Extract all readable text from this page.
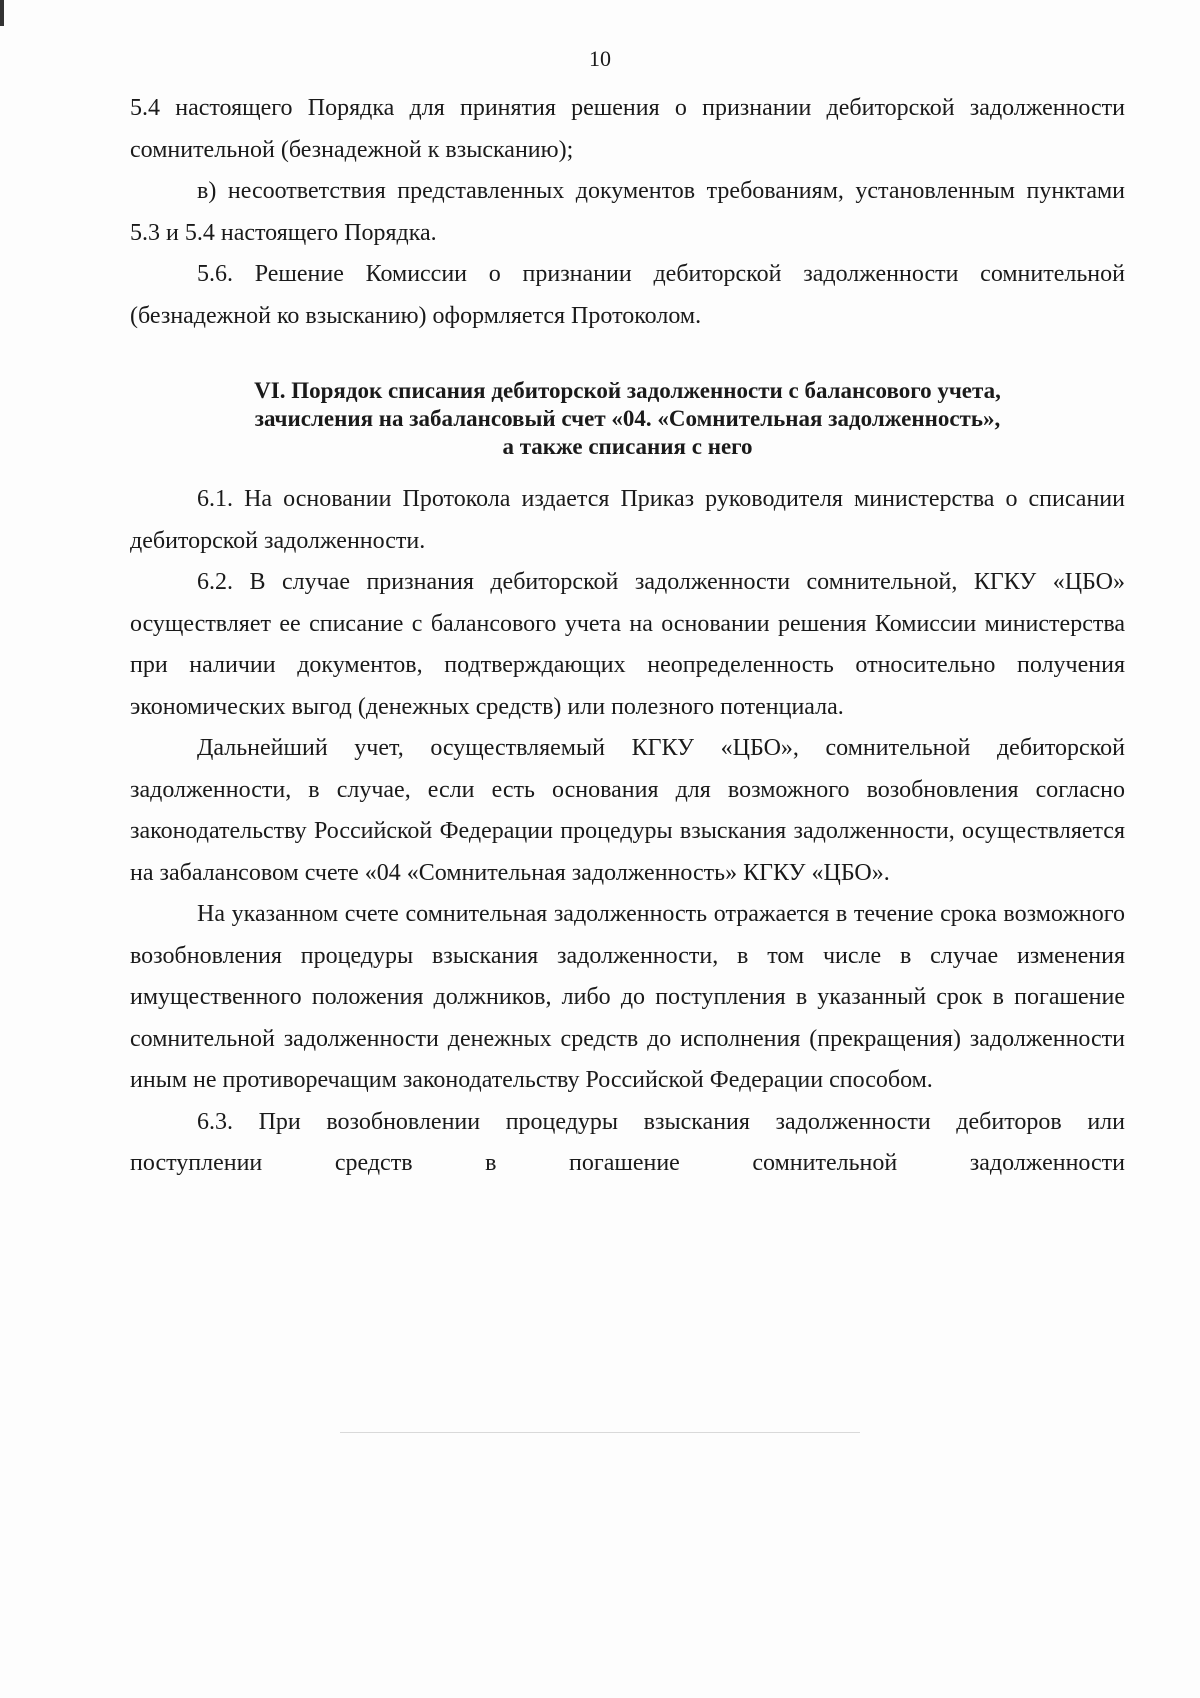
10

5.4 настоящего Порядка для принятия решения о признании дебиторской задолженности сомнительной (безнадежной к взысканию);

в) несоответствия представленных документов требованиям, установленным пунктами 5.3 и 5.4 настоящего Порядка.

5.6. Решение Комиссии о признании дебиторской задолженности сомнительной (безнадежной ко взысканию) оформляется Протоколом.

VI. Порядок списания дебиторской задолженности с балансового учета,
зачисления на забалансовый счет «04. «Сомнительная задолженность»,
а также списания с него

6.1. На основании Протокола издается Приказ руководителя министерства о списании дебиторской задолженности.

6.2. В случае признания дебиторской задолженности сомнительной, КГКУ «ЦБО» осуществляет ее списание с балансового учета на основании решения Комиссии министерства при наличии документов, подтверждающих неопределенность относительно получения экономических выгод (денежных средств) или полезного потенциала.

Дальнейший учет, осуществляемый КГКУ «ЦБО», сомнительной дебиторской задолженности, в случае, если есть основания для возможного возобновления согласно законодательству Российской Федерации процедуры взыскания задолженности, осуществляется на забалансовом счете «04 «Сомнительная задолженность» КГКУ «ЦБО».

На указанном счете сомнительная задолженность отражается в течение срока возможного возобновления процедуры взыскания задолженности, в том числе в случае изменения имущественного положения должников, либо до поступления в указанный срок в погашение сомнительной задолженности денежных средств до исполнения (прекращения) задолженности иным не противоречащим законодательству Российской Федерации способом.

6.3. При возобновлении процедуры взыскания задолженности дебиторов или поступлении средств в погашение сомнительной задолженности
